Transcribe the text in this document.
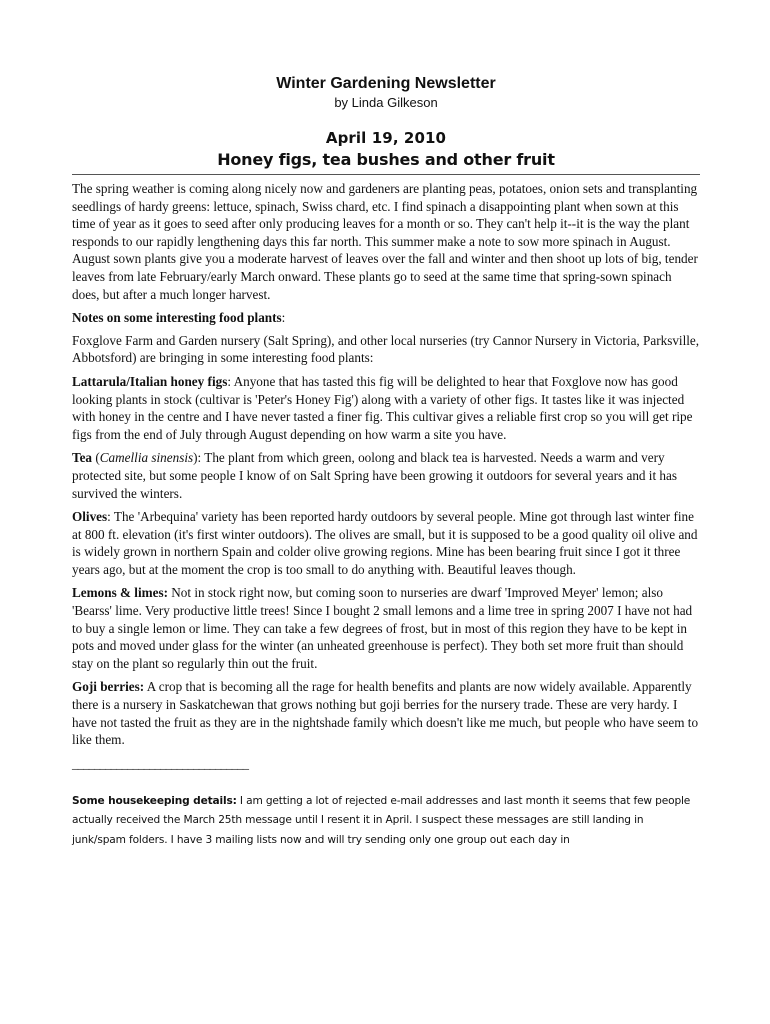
Winter Gardening Newsletter
by Linda Gilkeson
April 19, 2010
Honey figs, tea bushes and other fruit

The spring weather is coming along nicely now and gardeners are planting peas, potatoes, onion sets and transplanting seedlings of hardy greens: lettuce, spinach, Swiss chard, etc. I find spinach a disappointing plant when sown at this time of year as it goes to seed after only producing leaves for a month or so. They can't help it--it is the way the plant responds to our rapidly lengthening days this far north. This summer make a note to sow more spinach in August. August sown plants give you a moderate harvest of leaves over the fall and winter and then shoot up lots of big, tender leaves from late February/early March onward. These plants go to seed at the same time that spring-sown spinach does, but after a much longer harvest.

Notes on some interesting food plants:

Foxglove Farm and Garden nursery (Salt Spring), and other local nurseries (try Cannor Nursery in Victoria, Parksville, Abbotsford) are bringing in some interesting food plants:

Lattarula/Italian honey figs: Anyone that has tasted this fig will be delighted to hear that Foxglove now has good looking plants in stock (cultivar is 'Peter's Honey Fig') along with a variety of other figs. It tastes like it was injected with honey in the centre and I have never tasted a finer fig. This cultivar gives a reliable first crop so you will get ripe figs from the end of July through August depending on how warm a site you have.

Tea (Camellia sinensis): The plant from which green, oolong and black tea is harvested. Needs a warm and very protected site, but some people I know of on Salt Spring have been growing it outdoors for several years and it has survived the winters.

Olives: The 'Arbequina' variety has been reported hardy outdoors by several people. Mine got through last winter fine at 800 ft. elevation (it's first winter outdoors). The olives are small, but it is supposed to be a good quality oil olive and is widely grown in northern Spain and colder olive growing regions. Mine has been bearing fruit since I got it three years ago, but at the moment the crop is too small to do anything with. Beautiful leaves though.

Lemons & limes: Not in stock right now, but coming soon to nurseries are dwarf 'Improved Meyer' lemon; also 'Bearss' lime. Very productive little trees! Since I bought 2 small lemons and a lime tree in spring 2007 I have not had to buy a single lemon or lime. They can take a few degrees of frost, but in most of this region they have to be kept in pots and moved under glass for the winter (an unheated greenhouse is perfect). They both set more fruit than should stay on the plant so regularly thin out the fruit.

Goji berries: A crop that is becoming all the rage for health benefits and plants are now widely available. Apparently there is a nursery in Saskatchewan that grows nothing but goji berries for the nursery trade. These are very hardy. I have not tasted the fruit as they are in the nightshade family which doesn't like me much, but people who have seem to like them.

________________________________
Some housekeeping details: I am getting a lot of rejected e-mail addresses and last month it seems that few people actually received the March 25th message until I resent it in April. I suspect these messages are still landing in junk/spam folders. I have 3 mailing lists now and will try sending only one group out each day in
